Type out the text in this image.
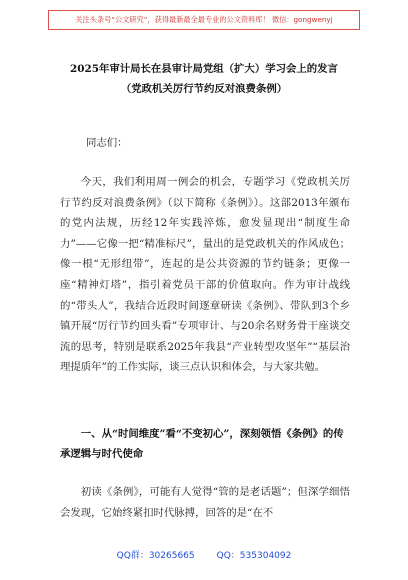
关注头条号“公文研究”，获得最新最全最专业的公文资料库！ 微信：gongwenyj
2025年审计局长在县审计局党组（扩大）学习会上的发言
（党政机关厉行节约反对浪费条例）
同志们：

今天，我们利用周一例会的机会，专题学习《党政机关厉行节约反对浪费条例》（以下简称《条例》）。这部2013年颁布的党内法规，历经12年实践淬炼，愈发显现出“制度生命力”——它像一把“精准标尺”，量出的是党政机关的作风成色；像一根“无形纽带”，连起的是公共资源的节约链条；更像一座“精神灯塔”，指引着党员干部的价值取向。作为审计战线的“带头人”，我结合近段时间逐章研读《条例》、带队到3个乡镇开展“厉行节约回头看”专项审计、与20余名财务骨干座谈交流的思考，特别是联系2025年我县“产业转型攻坚年”“基层治理提质年”的工作实际，谈三点认识和体会，与大家共勉。

一、从“时间维度”看“不变初心”，深刻领悟《条例》的传承逻辑与时代使命

初读《条例》，可能有人觉得“管的是老话题”；但深学细悟会发现，它始终紧扣时代脉搏，回答的是“在不

QQ群：30265665 QQ：535304092
